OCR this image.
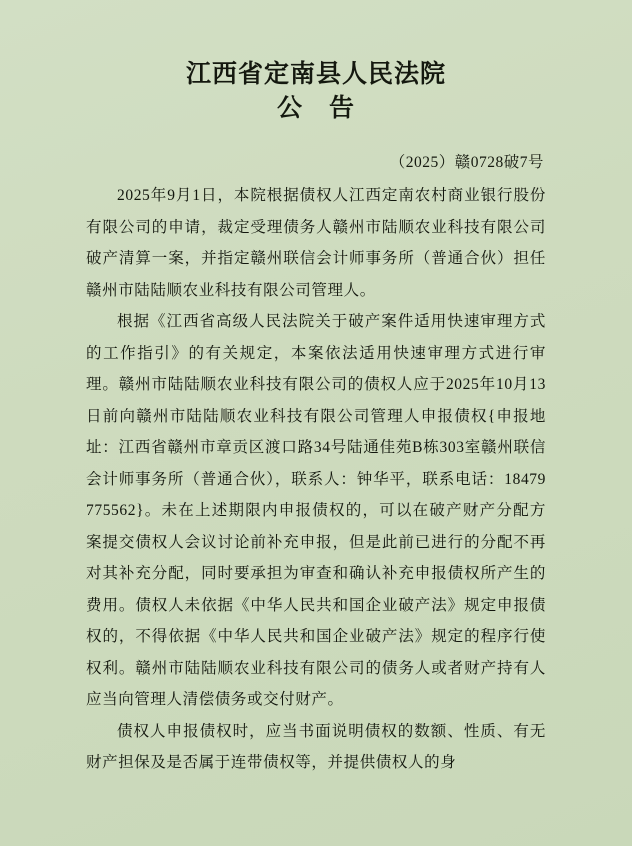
江西省定南县人民法院
公　告
（2025）赣0728破7号

2025年9月1日，本院根据债权人江西定南农村商业银行股份有限公司的申请，裁定受理债务人赣州市陆顺农业科技有限公司破产清算一案，并指定赣州联信会计师事务所（普通合伙）担任赣州市陆陆顺农业科技有限公司管理人。

根据《江西省高级人民法院关于破产案件适用快速审理方式的工作指引》的有关规定，本案依法适用快速审理方式进行审理。赣州市陆陆顺农业科技有限公司的债权人应于2025年10月13日前向赣州市陆陆顺农业科技有限公司管理人申报债权{申报地址：江西省赣州市章贡区渡口路34号陆通佳苑B栋303室赣州联信会计师事务所（普通合伙），联系人：钟华平，联系电话：18479775562}。未在上述期限内申报债权的，可以在破产财产分配方案提交债权人会议讨论前补充申报，但是此前已进行的分配不再对其补充分配，同时要承担为审查和确认补充申报债权所产生的费用。债权人未依据《中华人民共和国企业破产法》规定申报债权的，不得依据《中华人民共和国企业破产法》规定的程序行使权利。赣州市陆陆顺农业科技有限公司的债务人或者财产持有人应当向管理人清偿债务或交付财产。

债权人申报债权时，应当书面说明债权的数额、性质、有无财产担保及是否属于连带债权等，并提供债权人的身
